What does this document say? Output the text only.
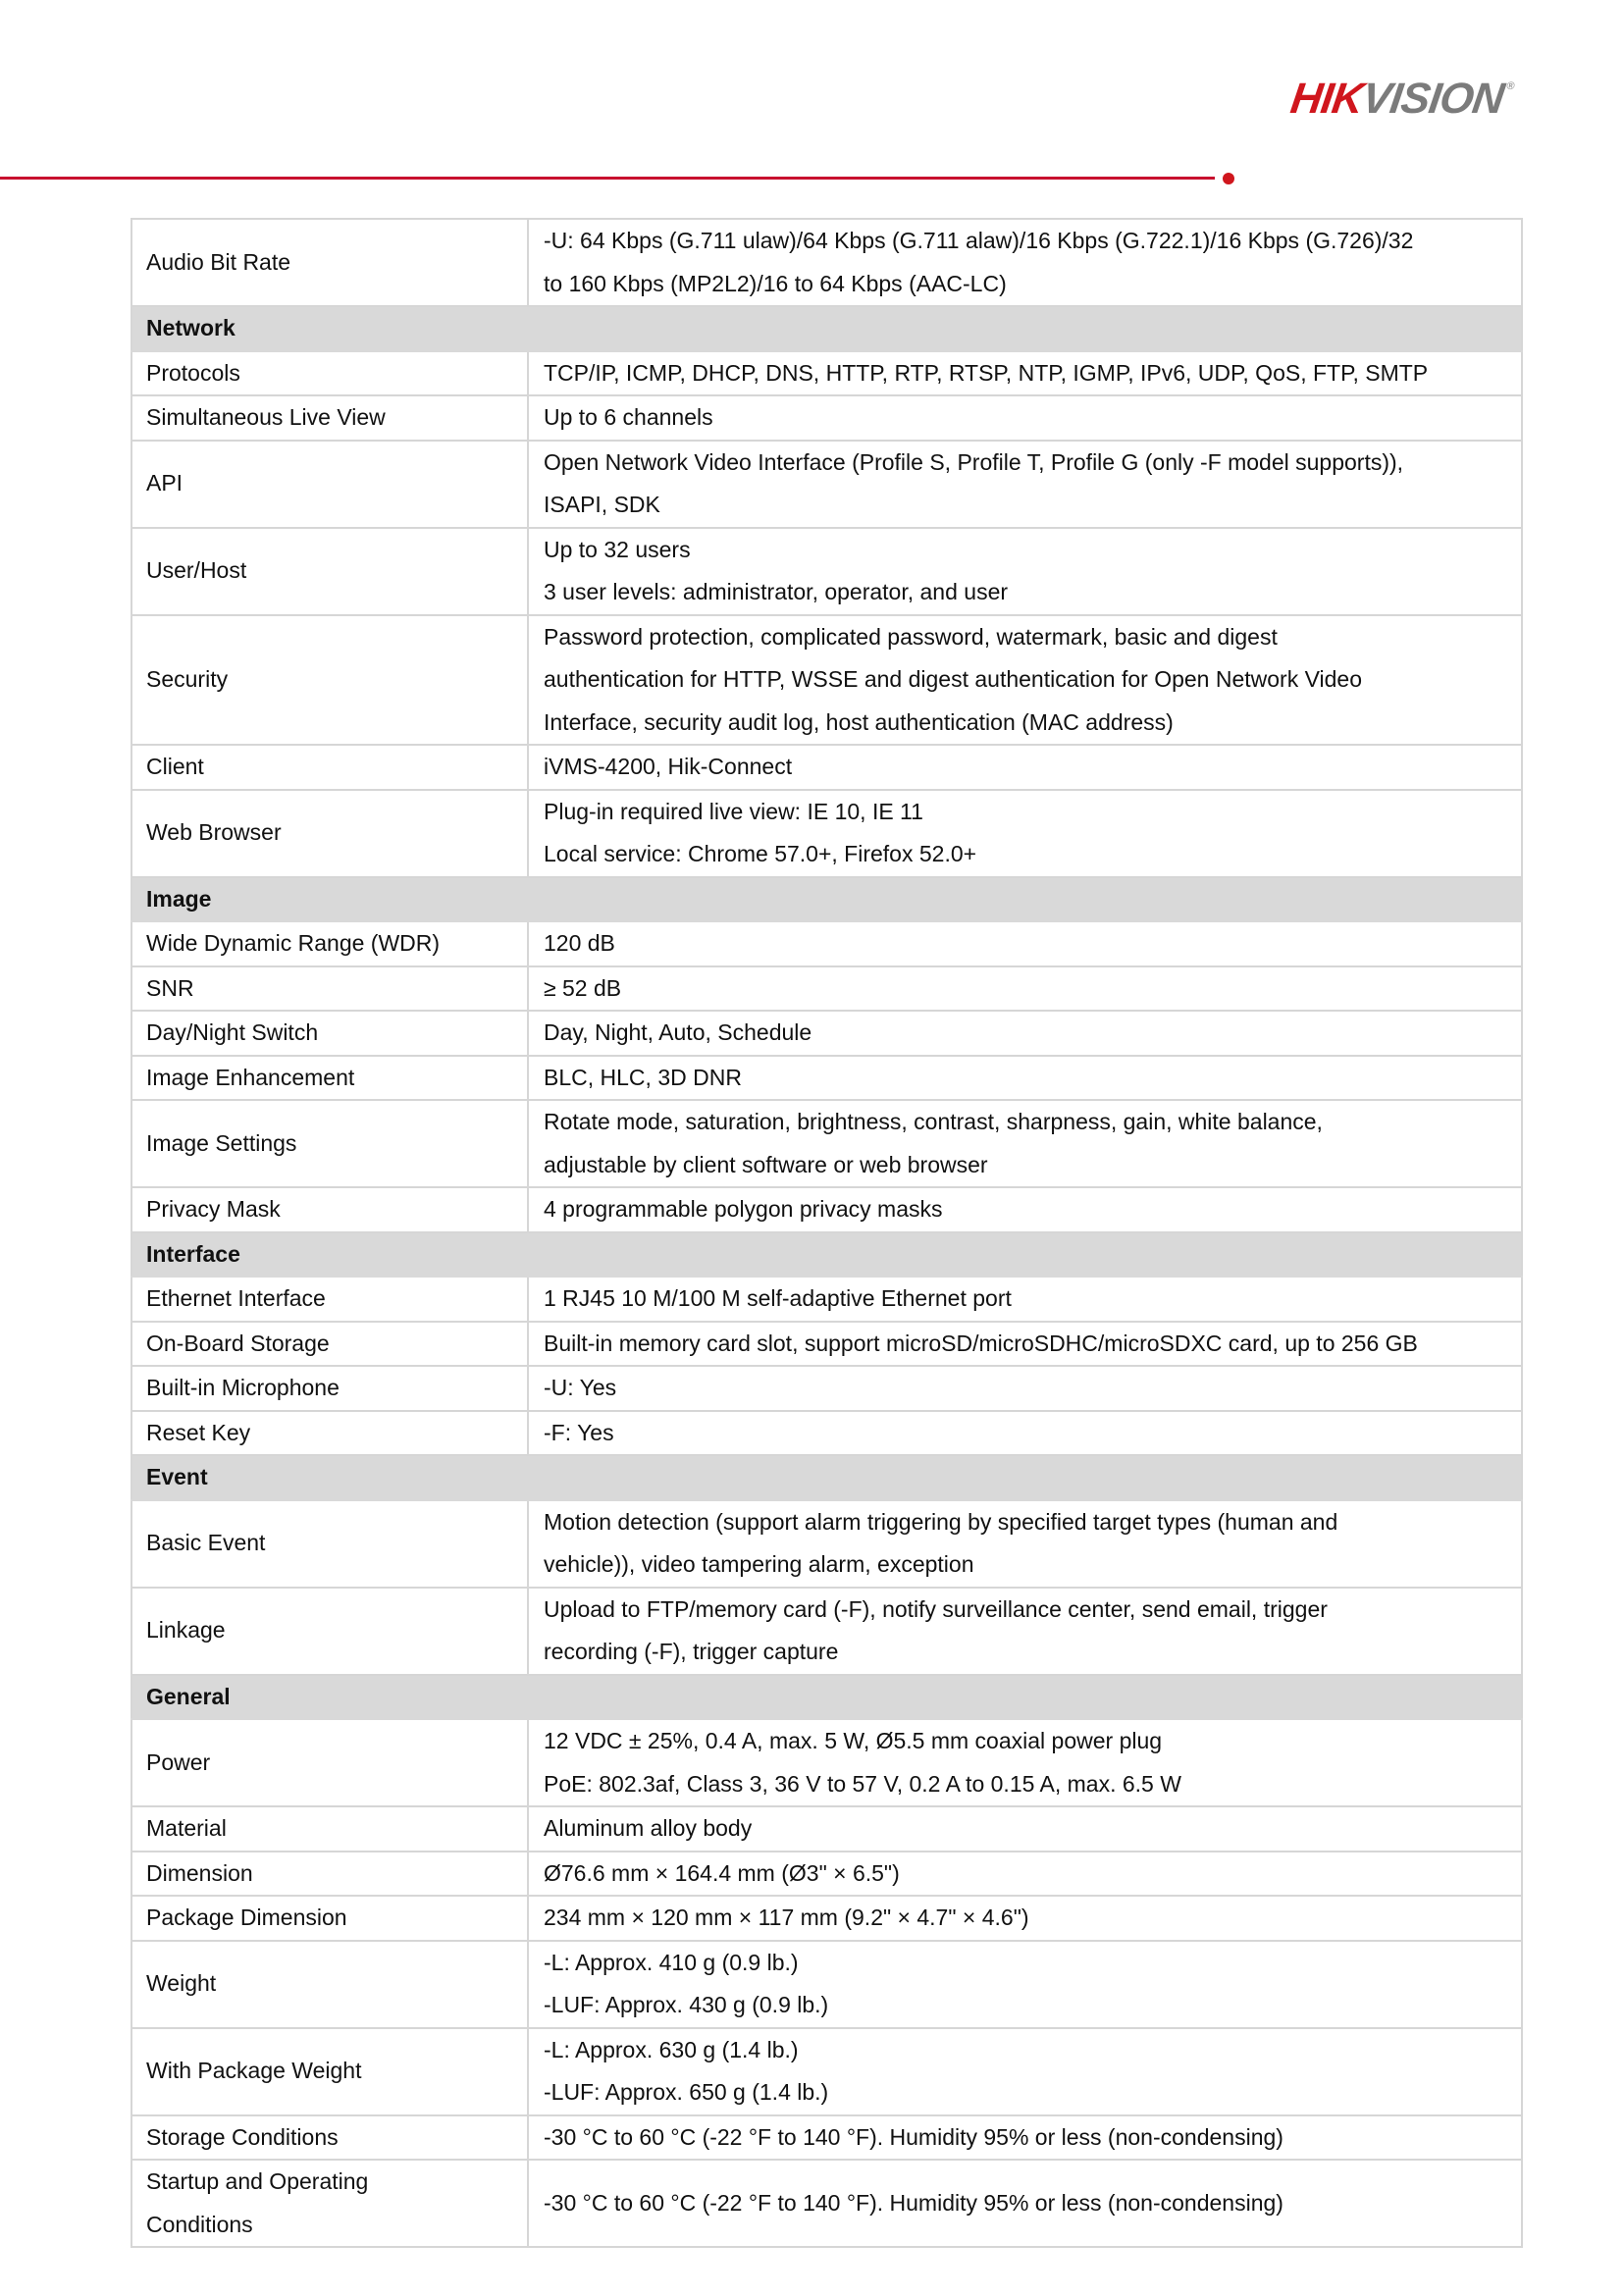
HIK
VISION ®
Audio Bit Rate	-U: 64 Kbps (G.711 ulaw)/64 Kbps (G.711 alaw)/16 Kbps (G.722.1)/16 Kbps (G.726)/32
to 160 Kbps (MP2L2)/16 to 64 Kbps (AAC-LC)

Network	

Protocols	TCP/IP, ICMP, DHCP, DNS, HTTP, RTP, RTSP, NTP, IGMP, IPv6, UDP, QoS, FTP, SMTP

Simultaneous Live View	Up to 6 channels

API	Open Network Video Interface (Profile S, Profile T, Profile G (only -F model supports)),
ISAPI, SDK

User/Host	Up to 32 users
3 user levels: administrator, operator, and user

Security	Password protection, complicated password, watermark, basic and digest
authentication for HTTP, WSSE and digest authentication for Open Network Video
Interface, security audit log, host authentication (MAC address)

Client	iVMS-4200, Hik-Connect

Web Browser	Plug-in required live view: IE 10, IE 11
Local service: Chrome 57.0+, Firefox 52.0+

Image	

Wide Dynamic Range (WDR)	120 dB

SNR	≥ 52 dB

Day/Night Switch	Day, Night, Auto, Schedule

Image Enhancement	BLC, HLC, 3D DNR

Image Settings	Rotate mode, saturation, brightness, contrast, sharpness, gain, white balance,
adjustable by client software or web browser

Privacy Mask	4 programmable polygon privacy masks

Interface	

Ethernet Interface	1 RJ45 10 M/100 M self-adaptive Ethernet port

On-Board Storage	Built-in memory card slot, support microSD/microSDHC/microSDXC card, up to 256 GB

Built-in Microphone	-U: Yes

Reset Key	-F: Yes

Event	

Basic Event	Motion detection (support alarm triggering by specified target types (human and
vehicle)), video tampering alarm, exception

Linkage	Upload to FTP/memory card (-F), notify surveillance center, send email, trigger
recording (-F), trigger capture

General	

Power	12 VDC ± 25%, 0.4 A, max. 5 W, Ø5.5 mm coaxial power plug
PoE: 802.3af, Class 3, 36 V to 57 V, 0.2 A to 0.15 A, max. 6.5 W

Material	Aluminum alloy body

Dimension	Ø76.6 mm × 164.4 mm (Ø3" × 6.5")

Package Dimension	234 mm × 120 mm × 117 mm (9.2" × 4.7" × 4.6")

Weight	-L: Approx. 410 g (0.9 lb.)
-LUF: Approx. 430 g (0.9 lb.)

With Package Weight	-L: Approx. 630 g (1.4 lb.)
-LUF: Approx. 650 g (1.4 lb.)

Storage Conditions	-30 °C to 60 °C (-22 °F to 140 °F). Humidity 95% or less (non-condensing)

Startup and Operating
Conditions	-30 °C to 60 °C (-22 °F to 140 °F). Humidity 95% or less (non-condensing)
